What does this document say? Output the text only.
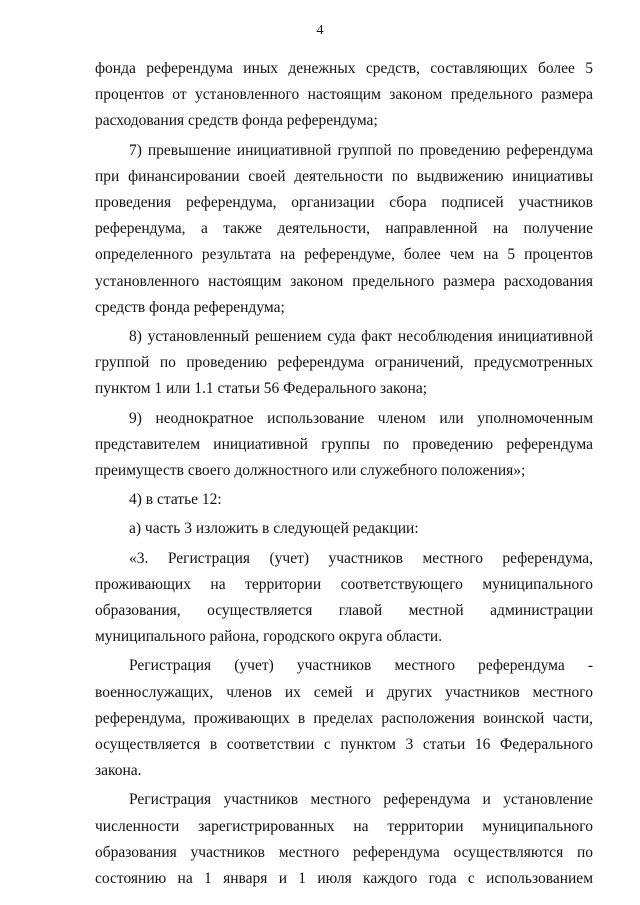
4

фонда референдума иных денежных средств, составляющих более 5 процентов от установленного настоящим законом предельного размера расходования средств фонда референдума;

7) превышение инициативной группой по проведению референдума при финансировании своей деятельности по выдвижению инициативы проведения референдума, организации сбора подписей участников референдума, а также деятельности, направленной на получение определенного результата на референдуме, более чем на 5 процентов установленного настоящим законом предельного размера расходования средств фонда референдума;

8) установленный решением суда факт несоблюдения инициативной группой по проведению референдума ограничений, предусмотренных пунктом 1 или 1.1 статьи 56 Федерального закона;

9) неоднократное использование членом или уполномоченным представителем инициативной группы по проведению референдума преимуществ своего должностного или служебного положения»;

4) в статье 12:

а) часть 3 изложить в следующей редакции:

«3. Регистрация (учет) участников местного референдума, проживающих на территории соответствующего муниципального образования, осуществляется главой местной администрации муниципального района, городского округа области.

Регистрация (учет) участников местного референдума - военнослужащих, членов их семей и других участников местного референдума, проживающих в пределах расположения воинской части, осуществляется в соответствии с пунктом 3 статьи 16 Федерального закона.

Регистрация участников местного референдума и установление численности зарегистрированных на территории муниципального образования участников местного референдума осуществляются по состоянию на 1 января и 1 июля каждого года с использованием
